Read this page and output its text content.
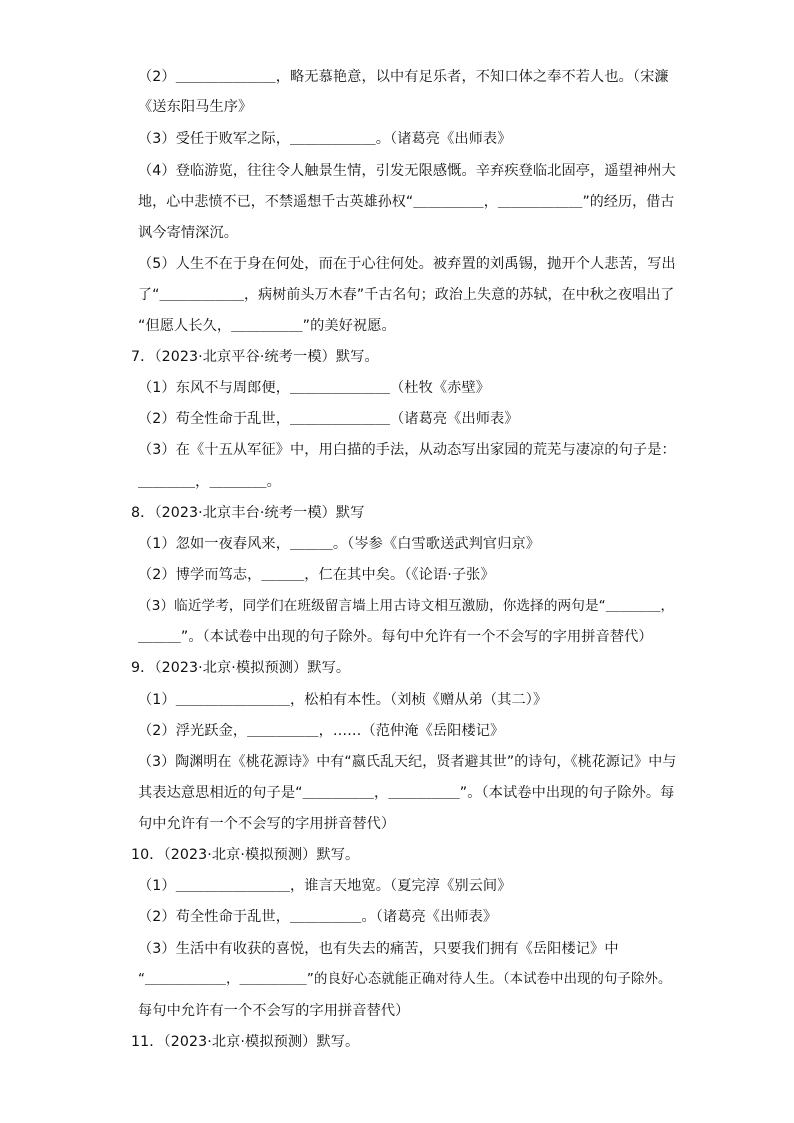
（2）＿＿＿＿＿＿＿，略无慕艳意，以中有足乐者，不知口体之奉不若人也。（宋濂
《送东阳马生序》
（3）受任于败军之际，＿＿＿＿＿＿。（诸葛亮《出师表》
（4）登临游览，往往令人触景生情，引发无限感慨。辛弃疾登临北固亭，遥望神州大
地，心中悲愤不已，不禁遥想千古英雄孙权“＿＿＿＿＿，＿＿＿＿＿＿”的经历，借古
讽今寄情深沉。
（5）人生不在于身在何处，而在于心往何处。被弃置的刘禹锡，抛开个人悲苦，写出
了“＿＿＿＿＿＿，病树前头万木春”千古名句；政治上失意的苏轼，在中秋之夜唱出了
“但愿人长久，＿＿＿＿＿”的美好祝愿。
7．（2023·北京平谷·统考一模）默写。
（1）东风不与周郎便，＿＿＿＿＿＿＿（杜牧《赤壁》
（2）苟全性命于乱世，＿＿＿＿＿＿＿（诸葛亮《出师表》
（3）在《十五从军征》中，用白描的手法，从动态写出家园的荒芜与凄凉的句子是：
＿＿＿＿，＿＿＿＿。
8．（2023·北京丰台·统考一模）默写
（1）忽如一夜春风来，＿＿＿。（岑参《白雪歌送武判官归京》
（2）博学而笃志，＿＿＿，仁在其中矣。（《论语·子张》
（3）临近学考，同学们在班级留言墙上用古诗文相互激励，你选择的两句是“＿＿＿＿，
＿＿＿”。（本试卷中出现的句子除外。每句中允许有一个不会写的字用拼音替代）
9．（2023·北京·模拟预测）默写。
（1）＿＿＿＿＿＿＿＿，松柏有本性。（刘桢《赠从弟（其二）》
（2）浮光跃金，＿＿＿＿＿，……（范仲淹《岳阳楼记》
（3）陶渊明在《桃花源诗》中有“嬴氏乱天纪，贤者避其世”的诗句，《桃花源记》中与
其表达意思相近的句子是“＿＿＿＿＿，＿＿＿＿＿”。（本试卷中出现的句子除外。每
句中允许有一个不会写的字用拼音替代）
10．（2023·北京·模拟预测）默写。
（1）＿＿＿＿＿＿＿＿，谁言天地宽。（夏完淳《别云间》
（2）苟全性命于乱世，＿＿＿＿＿。（诸葛亮《出师表》
（3）生活中有收获的喜悦，也有失去的痛苦，只要我们拥有《岳阳楼记》中
“＿＿＿＿＿＿，＿＿＿＿＿”的良好心态就能正确对待人生。（本试卷中出现的句子除外。
每句中允许有一个不会写的字用拼音替代）
11．（2023·北京·模拟预测）默写。
